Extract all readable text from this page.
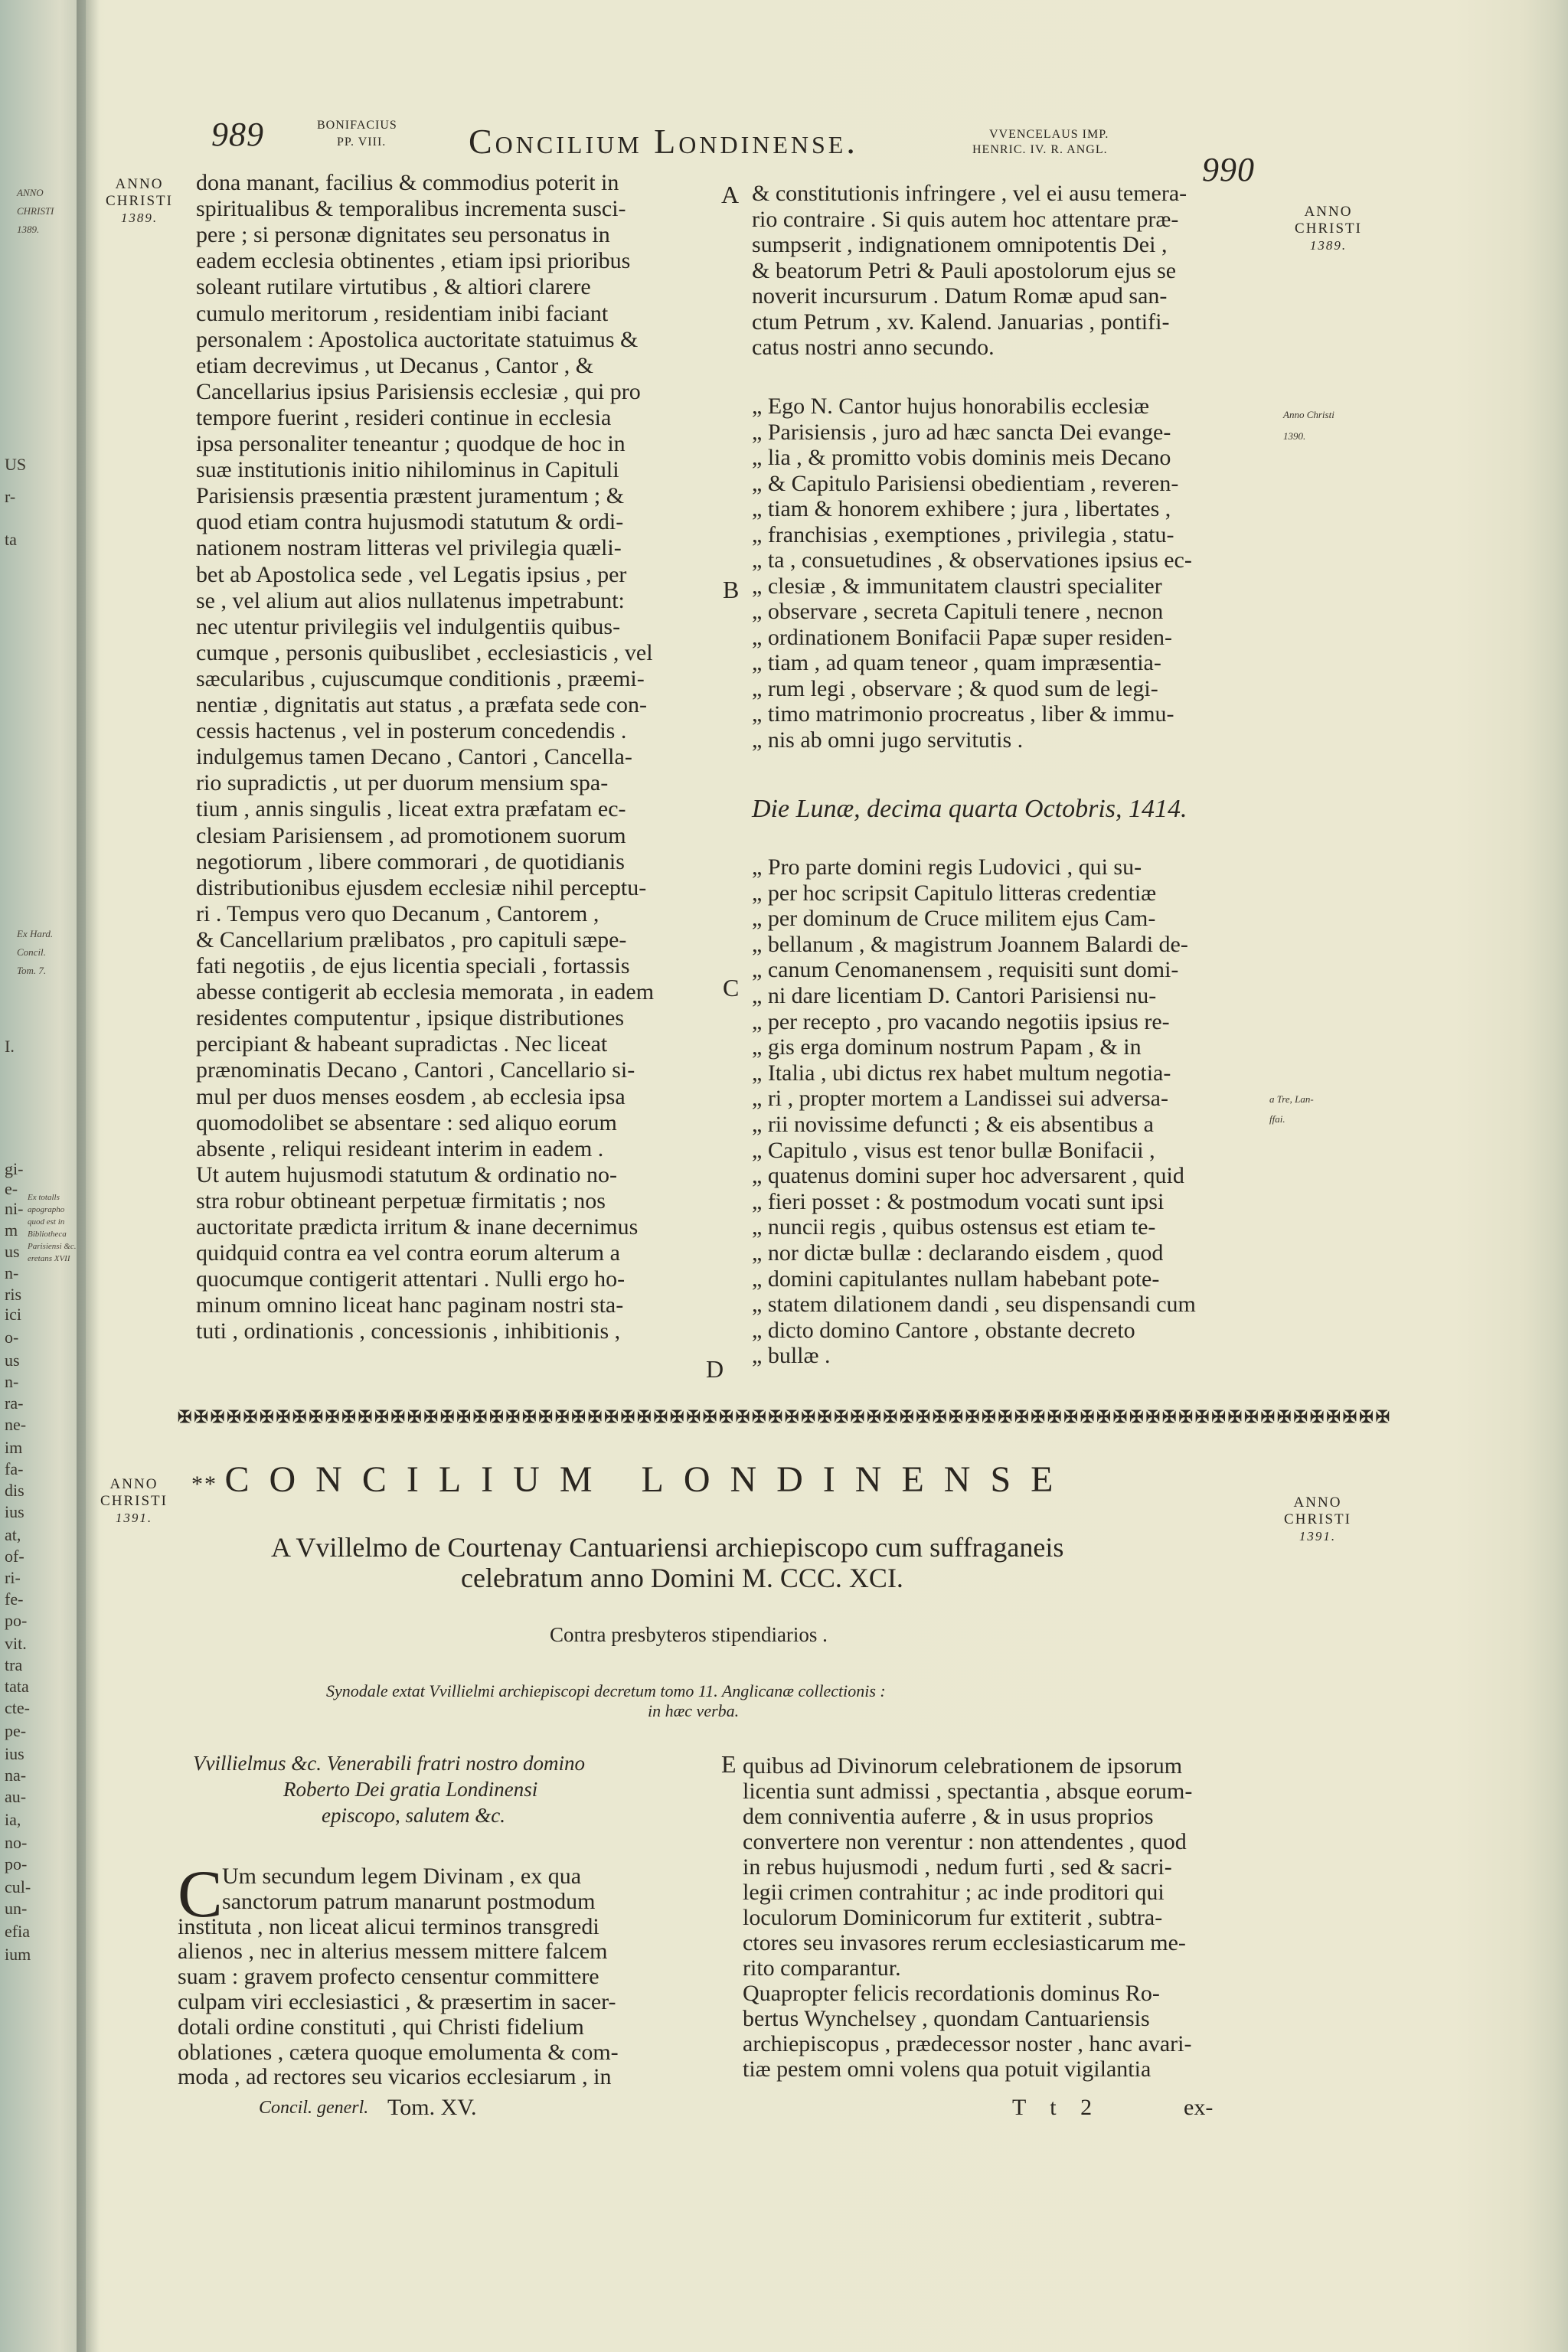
ANNO
CHRISTI
1389.
US
r-
ta
Ex Hard.
Concil.
Tom. 7.
I.
gi-
e-
ni-
m
us
n-
ris
ici
o-
us
n-
ra-
ne-
im
fa-
dis
ius
at,
of-
ri-
fe-
po-
vit.
tra
tata
cte-
pe-
ius
na-
au-
ia,
no-
po-
cul-
un-
efia
ium
Ex totalls
apographo
quod est in
Bibliotheca
Parisiensi &c.
eretans XVII
989	BONIFACIUS
PP. VIII. Concilium Londinense.	VVENCELAUS IMP.
HENRIC. IV. R. ANGL.
990
ANNO
CHRISTI
1389.	ANNO
CHRISTI
1389.
Anno Christi
1390.
a Tre, Lan-
ffai.
A
B
C
D
E
dona manant, facilius & commodius poterit in
spiritualibus & temporalibus incrementa susci-
pere ; si personæ dignitates seu personatus in
eadem ecclesia obtinentes , etiam ipsi prioribus
soleant rutilare virtutibus , & altiori clarere
cumulo meritorum , residentiam inibi faciant
personalem : Apostolica auctoritate statuimus &
etiam decrevimus , ut Decanus , Cantor , &
Cancellarius ipsius Parisiensis ecclesiæ , qui pro
tempore fuerint , resideri continue in ecclesia
ipsa personaliter teneantur ; quodque de hoc in
suæ institutionis initio nihilominus in Capituli
Parisiensis præsentia præstent juramentum ; &
quod etiam contra hujusmodi statutum & ordi-
nationem nostram litteras vel privilegia quæli-
bet ab Apostolica sede , vel Legatis ipsius , per
se , vel alium aut alios nullatenus impetrabunt:
nec utentur privilegiis vel indulgentiis quibus-
cumque , personis quibuslibet , ecclesiasticis , vel
sæcularibus , cujuscumque conditionis , præemi-
nentiæ , dignitatis aut status , a præfata sede con-
cessis hactenus , vel in posterum concedendis .
indulgemus tamen Decano , Cantori , Cancella-
rio supradictis , ut per duorum mensium spa-
tium , annis singulis , liceat extra præfatam ec-
clesiam Parisiensem , ad promotionem suorum
negotiorum , libere commorari , de quotidianis
distributionibus ejusdem ecclesiæ nihil perceptu-
ri . Tempus vero quo Decanum , Cantorem ,
& Cancellarium prælibatos , pro capituli sæpe-
fati negotiis , de ejus licentia speciali , fortassis
abesse contigerit ab ecclesia memorata , in eadem
residentes computentur , ipsique distributiones
percipiant & habeant supradictas . Nec liceat
prænominatis Decano , Cantori , Cancellario si-
mul per duos menses eosdem , ab ecclesia ipsa
quomodolibet se absentare : sed aliquo eorum
absente , reliqui resideant interim in eadem .
Ut autem hujusmodi statutum & ordinatio no-
stra robur obtineant perpetuæ firmitatis ; nos
auctoritate prædicta irritum & inane decernimus
quidquid contra ea vel contra eorum alterum a
quocumque contigerit attentari . Nulli ergo ho-
minum omnino liceat hanc paginam nostri sta-
tuti , ordinationis , concessionis , inhibitionis ,
& constitutionis infringere , vel ei ausu temera-
rio contraire . Si quis autem hoc attentare præ-
sumpserit , indignationem omnipotentis Dei ,
& beatorum Petri & Pauli apostolorum ejus se
noverit incursurum . Datum Romæ apud san-
ctum Petrum , xv. Kalend. Januarias , pontifi-
catus nostri anno secundo.
„ Ego N. Cantor hujus honorabilis ecclesiæ
„ Parisiensis , juro ad hæc sancta Dei evange-
„ lia , & promitto vobis dominis meis Decano
„ & Capitulo Parisiensi obedientiam , reveren-
„ tiam & honorem exhibere ; jura , libertates ,
„ franchisias , exemptiones , privilegia , statu-
„ ta , consuetudines , & observationes ipsius ec-
„ clesiæ , & immunitatem claustri specialiter
„ observare , secreta Capituli tenere , necnon
„ ordinationem Bonifacii Papæ super residen-
„ tiam , ad quam teneor , quam impræsentia-
„ rum legi , observare ; & quod sum de legi-
„ timo matrimonio procreatus , liber & immu-
„ nis ab omni jugo servitutis .
Die Lunæ, decima quarta Octobris, 1414.
„ Pro parte domini regis Ludovici , qui su-
„ per hoc scripsit Capitulo litteras credentiæ
„ per dominum de Cruce militem ejus Cam-
„ bellanum , & magistrum Joannem Balardi de-
„ canum Cenomanensem , requisiti sunt domi-
„ ni dare licentiam D. Cantori Parisiensi nu-
„ per recepto , pro vacando negotiis ipsius re-
„ gis erga dominum nostrum Papam , & in
„ Italia , ubi dictus rex habet multum negotia-
„ ri , propter mortem a Landissei sui adversa-
„ rii novissime defuncti ; & eis absentibus a
„ Capitulo , visus est tenor bullæ Bonifacii ,
„ quatenus domini super hoc adversarent , quid
„ fieri posset : & postmodum vocati sunt ipsi
„ nuncii regis , quibus ostensus est etiam te-
„ nor dictæ bullæ : declarando eisdem , quod
„ domini capitulantes nullam habebant pote-
„ statem dilationem dandi , seu dispensandi cum
„ dicto domino Cantore , obstante decreto
„ bullæ .
✠✠✠✠✠✠✠✠✠✠✠✠✠✠✠✠✠✠✠✠✠✠✠✠✠✠✠✠✠✠✠✠✠✠✠✠✠✠✠✠✠✠✠✠✠✠✠✠✠✠✠✠✠✠✠✠✠✠✠✠✠✠✠✠✠✠✠✠✠✠✠✠✠✠
ANNO
CHRISTI
1391.
ANNO
CHRISTI
1391.
** CONCILIUM LONDINENSE
A Vvillelmo de Courtenay Cantuariensi archiepiscopo cum suffraganeis
celebratum anno Domini M. CCC. XCI.
Contra presbyteros stipendiarios .
Synodale extat Vvillielmi archiepiscopi decretum tomo 11. Anglicanæ collectionis :
in hæc verba.
Vvillielmus &c. Venerabili fratri nostro domino
Roberto Dei gratia Londinensi
episcopo, salutem &c.
C Um secundum legem Divinam , ex qua
sanctorum patrum manarunt postmodum
instituta , non liceat alicui terminos transgredi
alienos , nec in alterius messem mittere falcem
suam : gravem profecto censentur committere
culpam viri ecclesiastici , & præsertim in sacer-
dotali ordine constituti , qui Christi fidelium
oblationes , cætera quoque emolumenta & com-
moda , ad rectores seu vicarios ecclesiarum , in
quibus ad Divinorum celebrationem de ipsorum
licentia sunt admissi , spectantia , absque eorum-
dem conniventia auferre , & in usus proprios
convertere non verentur : non attendentes , quod
in rebus hujusmodi , nedum furti , sed & sacri-
legii crimen contrahitur ; ac inde proditori qui
loculorum Dominicorum fur extiterit , subtra-
ctores seu invasores rerum ecclesiasticarum me-
rito comparantur.
Quapropter felicis recordationis dominus Ro-
bertus Wynchelsey , quondam Cantuariensis
archiepiscopus , prædecessor noster , hanc avari-
tiæ pestem omni volens qua potuit vigilantia
Concil. generl. Tom. XV.	T t 2	ex-
